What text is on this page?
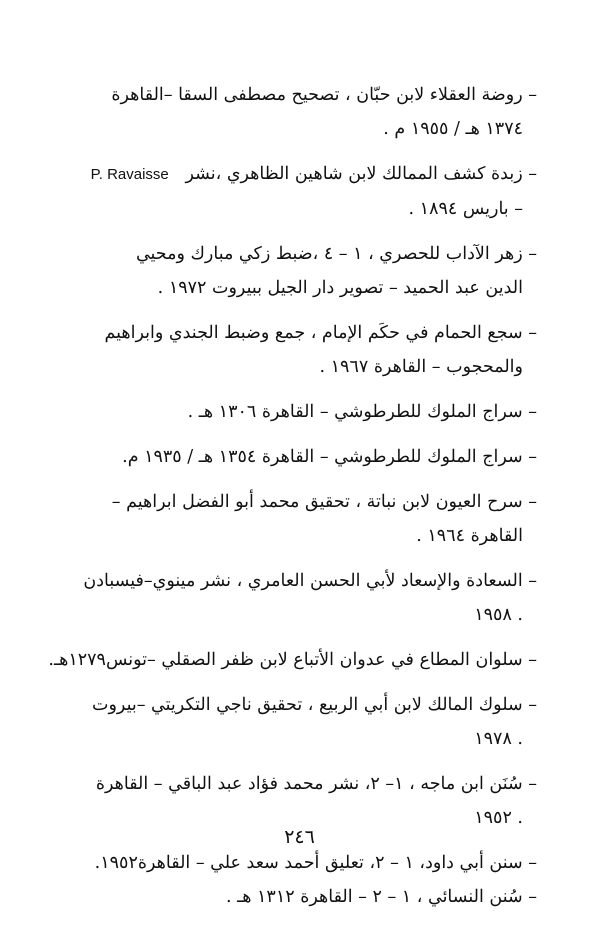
– روضة العقلاء لابن حبّان ، تصحيح مصطفى السقا –القاهرة
١٣٧٤ هـ / ١٩٥٥ م .
– زبدة كشف الممالك لابن شاهين الظاهري ،نشر   P. Ravaisse
– باريس ١٨٩٤ .
– زهر الآداب للحصري ، ١ – ٤ ،ضبط زكي مبارك ومحيي
الدين عبد الحميد – تصوير دار الجيل ببيروت ١٩٧٢ .
– سجع الحمام في حكَم الإمام ، جمع وضبط الجندي وابراهيم
والمحجوب – القاهرة ١٩٦٧ .
– سراج الملوك للطرطوشي – القاهرة ١٣٠٦ هـ .
– سراج الملوك للطرطوشي – القاهرة ١٣٥٤ هـ / ١٩٣٥ م.
– سرح العيون لابن نباتة ، تحقيق محمد أبو الفضل ابراهيم –
القاهرة ١٩٦٤ .
– السعادة والإسعاد لأبي الحسن العامري ، نشر مينوي–فيسبادن
. ١٩٥٨
– سلوان المطاع في عدوان الأتباع لابن ظفر الصقلي –تونس١٢٧٩هـ.
– سلوك المالك لابن أبي الربيع ، تحقيق ناجي التكريتي –بيروت
. ١٩٧٨
– سُنَن ابن ماجه ، ١– ٢، نشر محمد فؤاد عبد الباقي – القاهرة
. ١٩٥٢
– سنن أبي داود، ١ – ٢، تعليق أحمد سعد علي – القاهرة١٩٥٢.
– سُنن النسائي ، ١ – ٢ – القاهرة ١٣١٢ هـ .
٢٤٦
